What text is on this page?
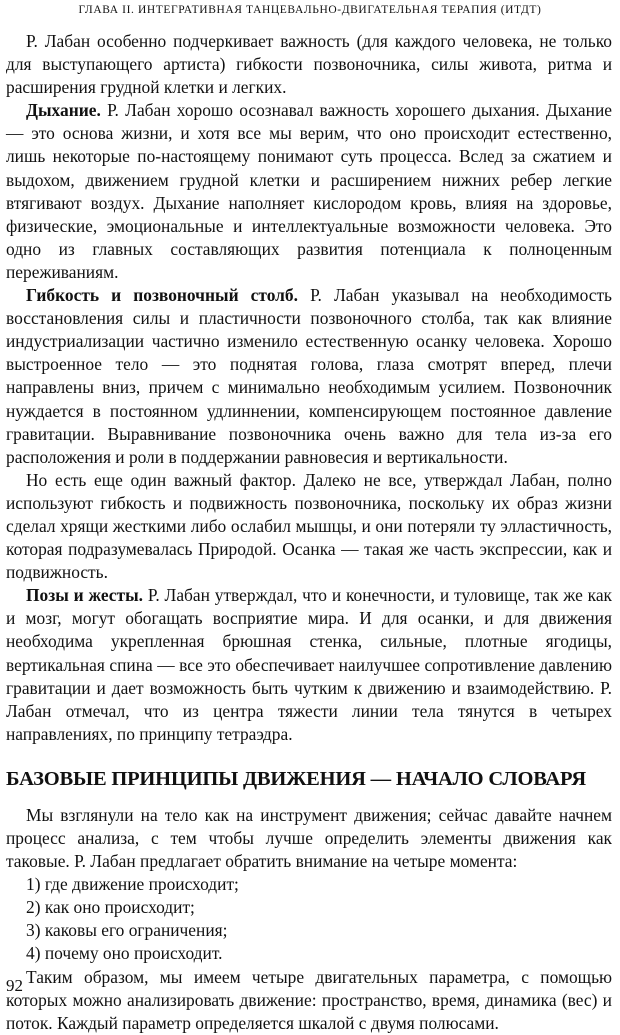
ГЛАВА II. ИНТЕГРАТИВНАЯ ТАНЦЕВАЛЬНО-ДВИГАТЕЛЬНАЯ ТЕРАПИЯ (ИТДТ)

Р. Лабан особенно подчеркивает важность (для каждого человека, не только для выступающего артиста) гибкости позвоночника, силы живота, ритма и расширения грудной клетки и легких.

Дыхание. Р. Лабан хорошо осознавал важность хорошего дыхания. Дыхание — это основа жизни, и хотя все мы верим, что оно происходит естественно, лишь некоторые по-настоящему понимают суть процесса. Вслед за сжатием и выдохом, движением грудной клетки и расширением нижних ребер легкие втягивают воздух. Дыхание наполняет кислородом кровь, влияя на здоровье, физические, эмоциональные и интеллектуальные возможности человека. Это одно из главных составляющих развития потенциала к полноценным переживаниям.

Гибкость и позвоночный столб. Р. Лабан указывал на необходимость восстановления силы и пластичности позвоночного столба, так как влияние индустриализации частично изменило естественную осанку человека. Хорошо выстроенное тело — это поднятая голова, глаза смотрят вперед, плечи направлены вниз, причем с минимально необходимым усилием. Позвоночник нуждается в постоянном удлиннении, компенсирующем постоянное давление гравитации. Выравнивание позвоночника очень важно для тела из-за его расположения и роли в поддержании равновесия и вертикальности.

Но есть еще один важный фактор. Далеко не все, утверждал Лабан, полно используют гибкость и подвижность позвоночника, поскольку их образ жизни сделал хрящи жесткими либо ослабил мышцы, и они потеряли ту элластичность, которая подразумевалась Природой. Осанка — такая же часть экспрессии, как и подвижность.

Позы и жесты. Р. Лабан утверждал, что и конечности, и туловище, так же как и мозг, могут обогащать восприятие мира. И для осанки, и для движения необходима укрепленная брюшная стенка, сильные, плотные ягодицы, вертикальная спина — все это обеспечивает наилучшее сопротивление давлению гравитации и дает возможность быть чутким к движению и взаимодействию. Р. Лабан отмечал, что из центра тяжести линии тела тянутся в четырех направлениях, по принципу тетраэдра.

БАЗОВЫЕ ПРИНЦИПЫ ДВИЖЕНИЯ — НАЧАЛО СЛОВАРЯ

Мы взглянули на тело как на инструмент движения; сейчас давайте начнем процесс анализа, с тем чтобы лучше определить элементы движения как таковые. Р. Лабан предлагает обратить внимание на четыре момента:

1) где движение происходит;
2) как оно происходит;
3) каковы его ограничения;
4) почему оно происходит.

Таким образом, мы имеем четыре двигательных параметра, с помощью которых можно анализировать движение: пространство, время, динамика (вес) и поток. Каждый параметр определяется шкалой с двумя полюсами.

92
